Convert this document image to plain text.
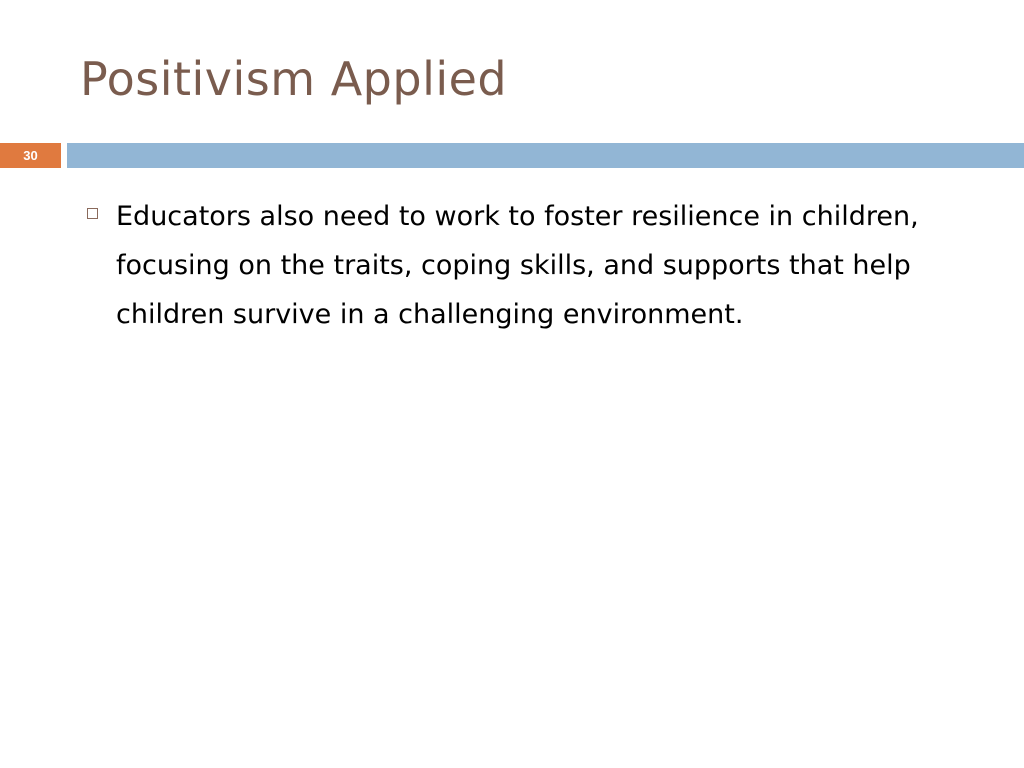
Positivism Applied
30
Educators also need to work to foster resilience in children, focusing on the traits, coping skills, and supports that help children survive in a challenging environment.
